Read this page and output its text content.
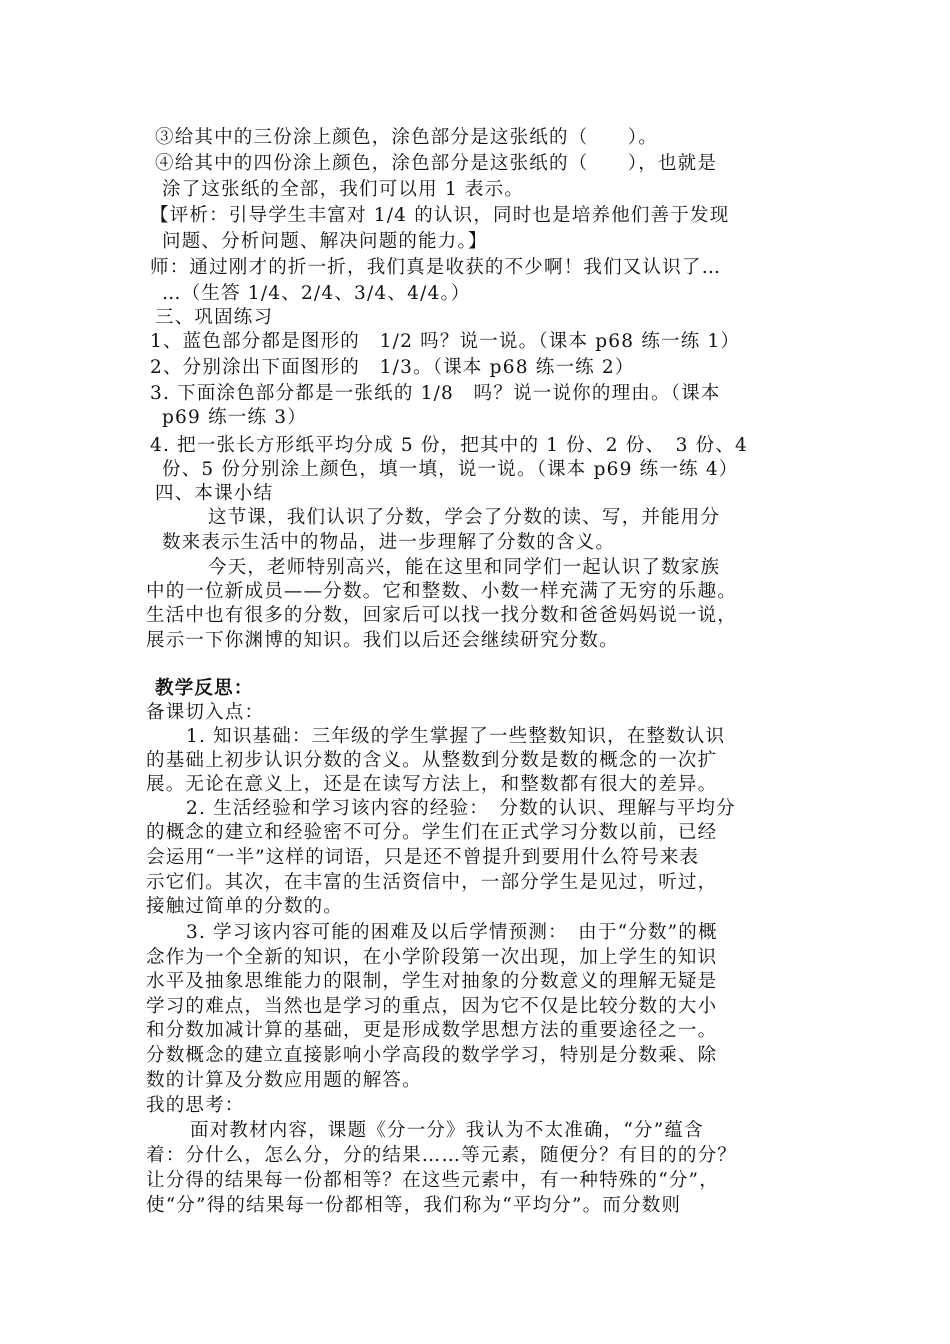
③给其中的三份涂上颜色，涂色部分是这张纸的（　　）。
④给其中的四份涂上颜色，涂色部分是这张纸的（　　），也就是
涂了这张纸的全部，我们可以用 1 表示。
【评析：引导学生丰富对 1/4 的认识，同时也是培养他们善于发现
问题、分析问题、解决问题的能力。】
师：通过刚才的折一折，我们真是收获的不少啊！我们又认识了…
…（生答 1/4、2/4、3/4、4/4。）
三、巩固练习
1、蓝色部分都是图形的　1/2 吗？说一说。（课本 p68 练一练 1）
2、分别涂出下面图形的　1/3。（课本 p68 练一练 2）
3. 下面涂色部分都是一张纸的 1/8　吗？说一说你的理由。（课本
p69 练一练 3）
4. 把一张长方形纸平均分成 5 份，把其中的 1 份、2 份、　3 份、4
份、5 份分别涂上颜色，填一填，说一说。（课本 p69 练一练 4）
四、本课小结
这节课，我们认识了分数，学会了分数的读、写，并能用分
数来表示生活中的物品，进一步理解了分数的含义。
今天，老师特别高兴，能在这里和同学们一起认识了数家族
中的一位新成员——分数。它和整数、小数一样充满了无穷的乐趣。
生活中也有很多的分数，回家后可以找一找分数和爸爸妈妈说一说，
展示一下你渊博的知识。我们以后还会继续研究分数。
教学反思：
备课切入点：
1. 知识基础：三年级的学生掌握了一些整数知识，在整数认识
的基础上初步认识分数的含义。从整数到分数是数的概念的一次扩
展。无论在意义上，还是在读写方法上，和整数都有很大的差异。
2. 生活经验和学习该内容的经验：　分数的认识、理解与平均分
的概念的建立和经验密不可分。学生们在正式学习分数以前，已经
会运用“一半”这样的词语，只是还不曾提升到要用什么符号来表
示它们。其次，在丰富的生活资信中，一部分学生是见过，听过，
接触过简单的分数的。
3. 学习该内容可能的困难及以后学情预测：　由于“分数”的概
念作为一个全新的知识，在小学阶段第一次出现，加上学生的知识
水平及抽象思维能力的限制，学生对抽象的分数意义的理解无疑是
学习的难点，当然也是学习的重点，因为它不仅是比较分数的大小
和分数加减计算的基础，更是形成数学思想方法的重要途径之一。
分数概念的建立直接影响小学高段的数学学习，特别是分数乘、除
数的计算及分数应用题的解答。
我的思考：
面对教材内容，课题《分一分》我认为不太准确，“分”蕴含
着：分什么，怎么分，分的结果……等元素，随便分？有目的的分？
让分得的结果每一份都相等？在这些元素中，有一种特殊的“分”，
使“分”得的结果每一份都相等，我们称为“平均分”。而分数则
